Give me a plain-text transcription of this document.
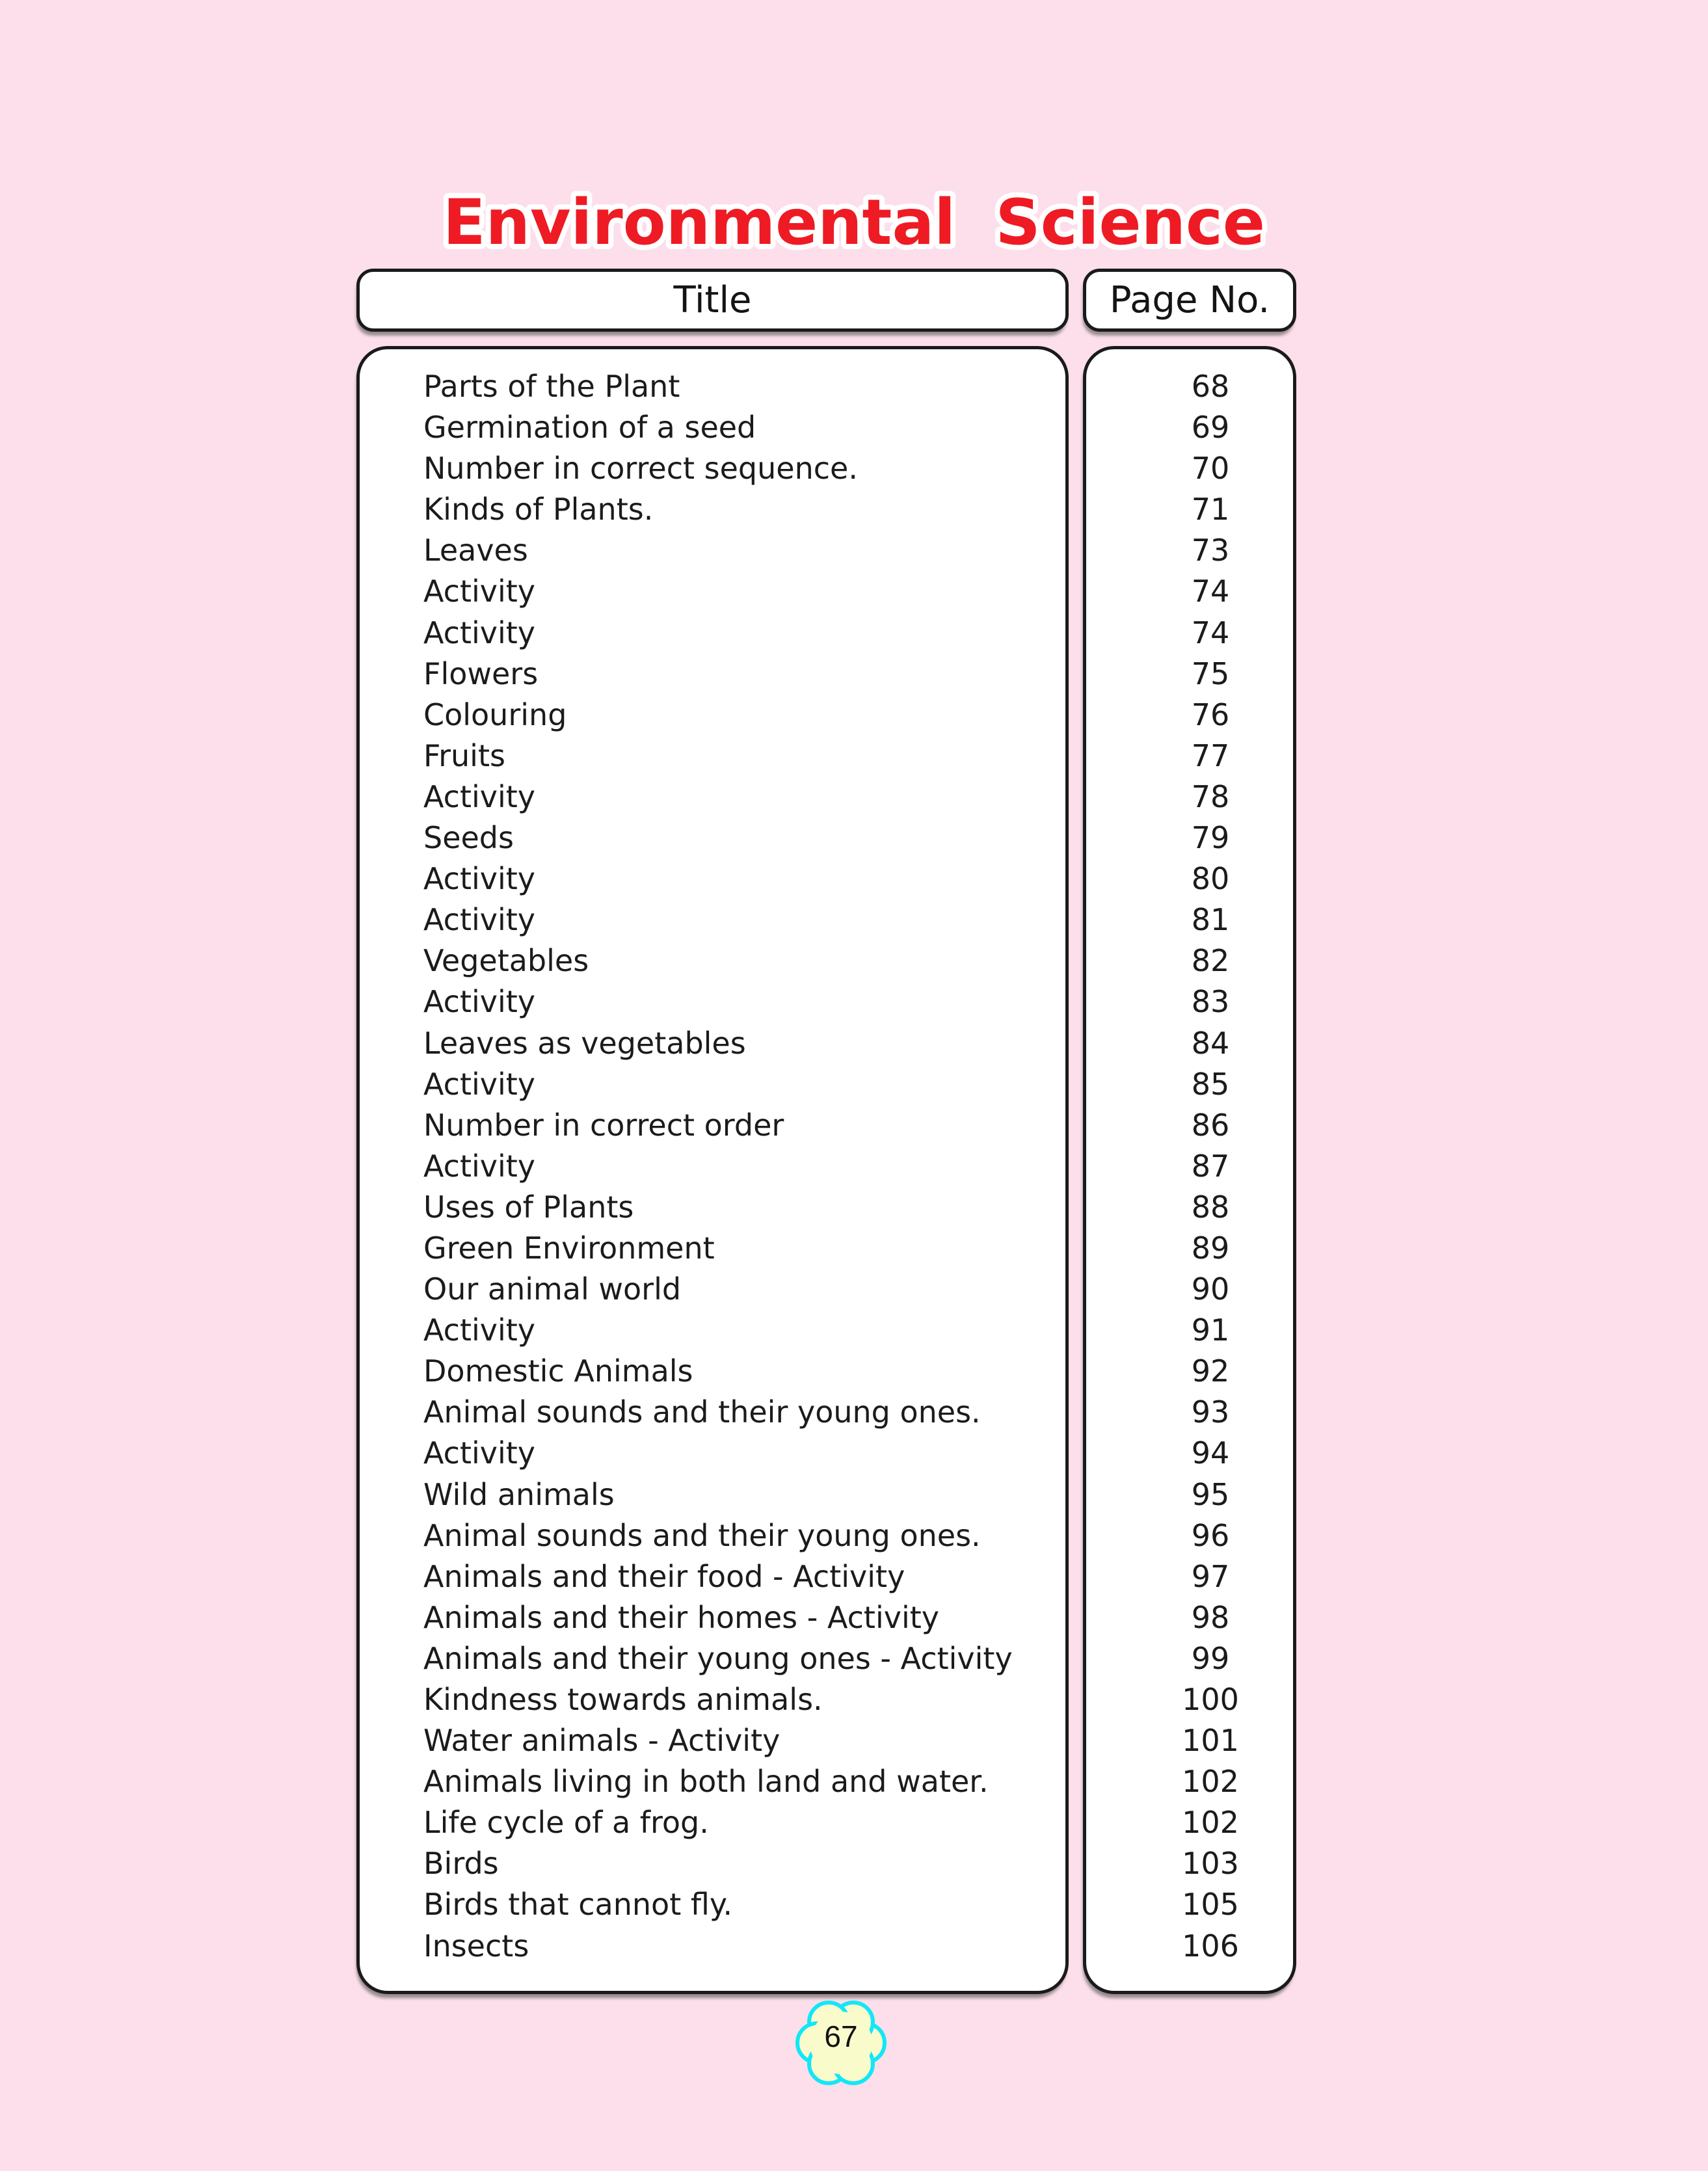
Environmental Science
Title	Page No.
Parts of the Plant
Germination of a seed
Number in correct sequence.
Kinds of Plants.
Leaves
Activity
Activity
Flowers
Colouring
Fruits
Activity
Seeds
Activity
Activity
Vegetables
Activity
Leaves as vegetables
Activity
Number in correct order
Activity
Uses of Plants
Green Environment
Our animal world
Activity
Domestic Animals
Animal sounds and their young ones.
Activity
Wild animals
Animal sounds and their young ones.
Animals and their food - Activity
Animals and their homes - Activity
Animals and their young ones - Activity
Kindness towards animals.
Water animals - Activity
Animals living in both land and water.
Life cycle of a frog.
Birds
Birds that cannot fly.
Insects
68
69
70
71
73
74
74
75
76
77
78
79
80
81
82
83
84
85
86
87
88
89
90
91
92
93
94
95
96
97
98
99
100
101
102
102
103
105
106
67
